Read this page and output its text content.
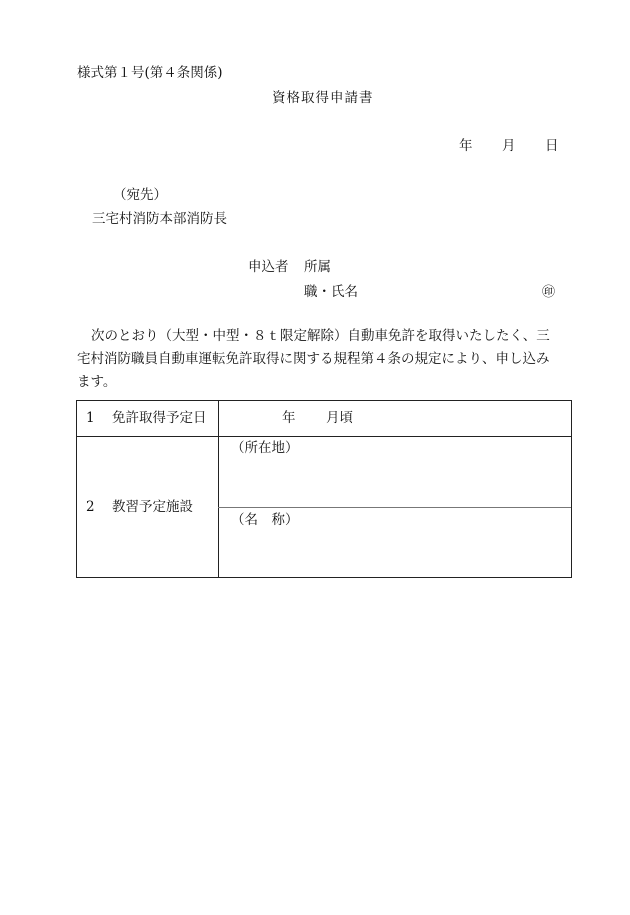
様式第１号(第４条関係)
資格取得申請書
年 月 日
（宛先）
三宅村消防本部消防長
申込者 所属
職・氏名	㊞
次のとおり（大型・中型・８ｔ限定解除）自動車免許を取得いたしたく、三
宅村消防職員自動車運転免許取得に関する規程第４条の規定により、申し込み
ます。
1 免許取得予定日	年 月頃
2 教習予定施設
（所在地）
（名　称）
